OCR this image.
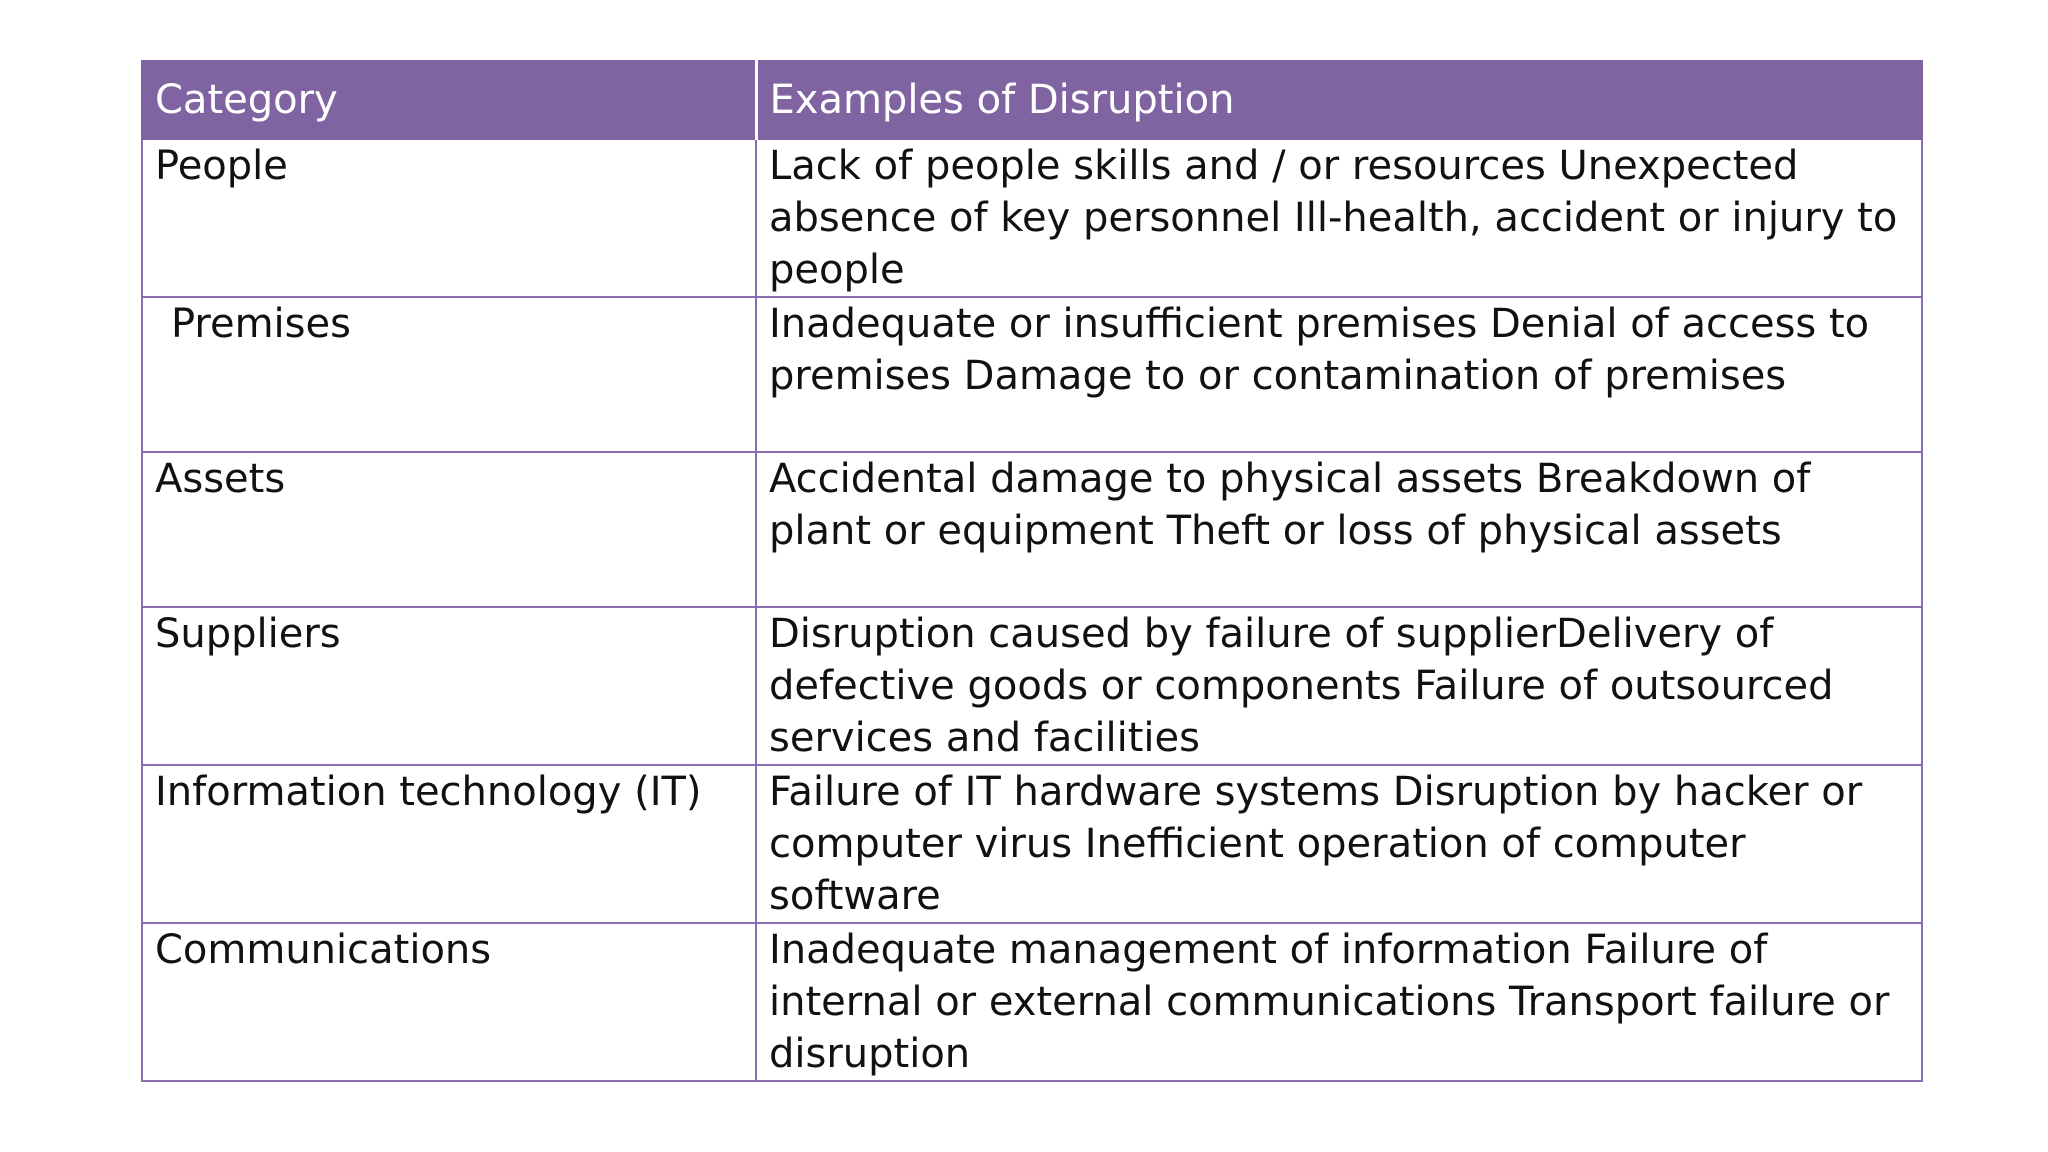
Category	Examples of Disruption
People	Lack of people skills and / or resources Unexpected absence of key personnel Ill-health, accident or injury to people
Premises	Inadequate or insufficient premises Denial of access to premises Damage to or contamination of premises
Assets	Accidental damage to physical assets Breakdown of plant or equipment Theft or loss of physical assets
Suppliers	Disruption caused by failure of supplierDelivery of defective goods or components Failure of outsourced services and facilities
Information technology (IT)	Failure of IT hardware systems Disruption by hacker or computer virus Inefficient operation of computer software
Communications	Inadequate management of information Failure of internal or external communications Transport failure or disruption
